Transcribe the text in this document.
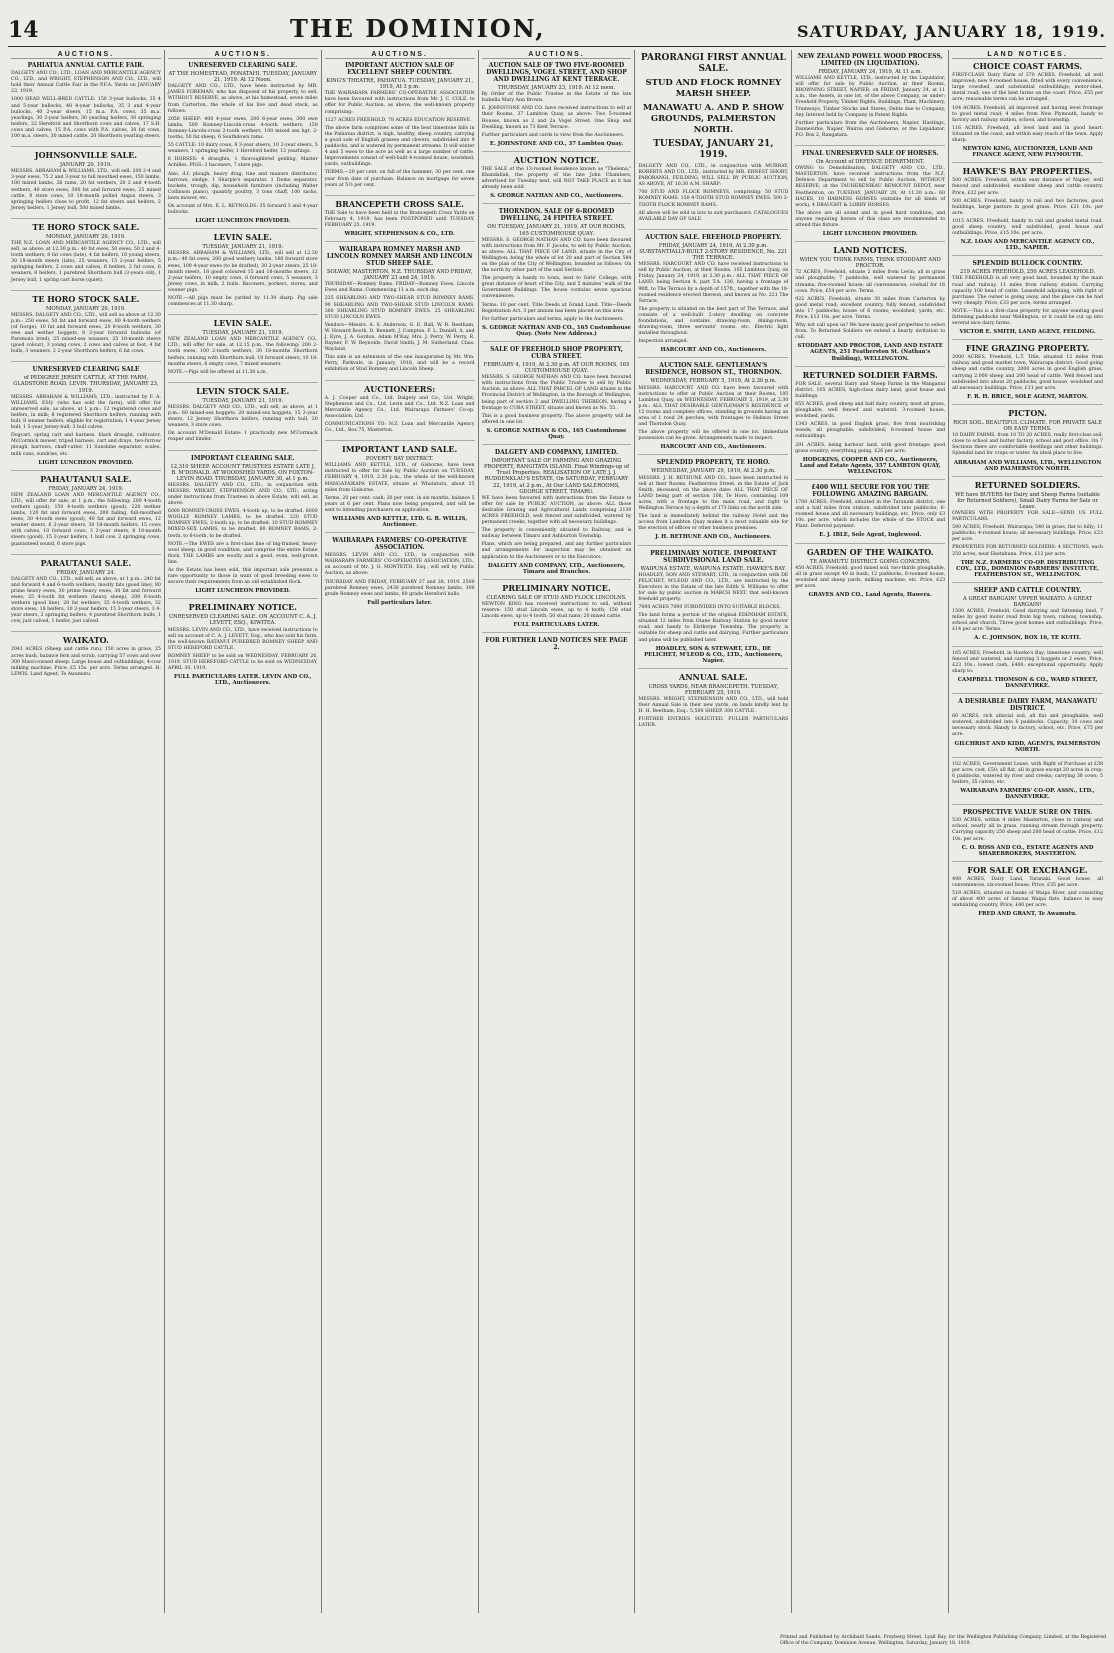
14	THE DOMINION,	SATURDAY, JANUARY 18, 1919.
AUCTIONS.
PAHIATUA ANNUAL CATTLE FAIR.

DALGETY AND CO., LTD., LOAN AND MERCANTILE AGENCY CO., LTD., and WRIGHT, STEPHENSON AND CO., LTD., will hold their Annual Cattle Fair in the P.F.A. Yards on JANUARY 23, 1919.

1000 HEAD WELL-BRED CATTLE: 150 3-year bullocks, 35 4 and 5-year bullocks, 48 4-year bullocks, 35 3 and 4-year bullocks, 40 2-year steers, 15 m.a. P.A. cows, 35 m.a. yearlings, 30 2-year heifers, 30 yearling heifers, 30 springing heifers, 22 Hereford and Shorthorn cows and calves, 17 S.H. cows and calves, 15 P.A. cows with P.A. calves, 30 fat cows, 100 m.a. steers, 30 mixed cattle, 20 Shorthorn yearling steers.

JOHNSONVILLE SALE.
JANUARY 20, 1919.

MESSRS. ABRAHAM & WILLIAMS, LTD., will sell: 200 2-4 and 3-year ewes, 75 2 and 3-year to full mouthed ewes, 150 lambs, 100 mixed lambs, 26 rams, 20 fat wethers, 20 2 and 4-tooth wethers, 40 store ewes, 300 fat and forward ewes, 25 mixed cattle, 8 store cows, 10 18-month polled Angus steers, 3 springing heifers close to profit, 12 fat steers and heifers, 2 Jersey heifers, 1 Jersey bull, 500 mixed lambs.

TE HORO STOCK SALE.
MONDAY, JANUARY 20, 1919.

THE N.Z. LOAN AND MERCANTILE AGENCY CO., LTD., will sell, as above, at 12.30 p.m.: 40 fat ewes, 50 ewes, 50 2 and 4-tooth wethers, 8 fat cows (late), 4 fat heifers, 18 young steers, 30 18-month steers (late), 25 weaners, 15 2-year heifers, 5 springing heifers, 2 cows and calves, 6 heifers, 2 fat cows, 6 weaners, 8 heifers, 1 purebred Shorthorn bull (3-years old), 1 Jersey bull, 1 spring cart horse (quiet).

TE HORO STOCK SALE.
MONDAY, JANUARY 20, 1919.

MESSRS. DALGETY AND CO., LTD., will sell as above at 12.30 p.m.: 250 ewes, 50 fat and forward ewes, 80 4-tooth wethers (of Gorge), 10 fat and forward ewes, 20 8-tooth wethers, 30 ewe and wether hoggets, 8 2-year forward bullocks (of Paremata bred), 25 mixed-sex weaners, 25 18-month steers (good colour), 3 young cows, 2 cows and calves at foot, 4 fat bulls, 3 weaners, 2 2-year Shorthorn heifers, 6 fat cows.

UNRESERVED CLEARING SALE
of PEDIGREE JERSEY CATTLE, AT THE FARM, GLADSTONE ROAD, LEVIN. THURSDAY, JANUARY 23, 1919.

MESSRS. ABRAHAM & WILLIAMS, LTD., instructed by F. A. WILLIAMS, ESQ. (who has sold the farm), will offer for unreserved sale, as above, at 1 p.m.: 12 registered cows and heifers, in milk; 8 registered Shorthorn heifers, running with bull; 8 weaner heifers, eligible for registration; 1 4-year Jersey bull; 1 5-year Jersey-bull; 3 bull calves.

Dogcart, spring cart and harness, black draught, cultivator, McCormick mower, tripod harness, cart and drays, two-furrow plough, harrows, chaff-cutter, 11 Sunshine separator, scales, milk cans, sundries, etc.

LIGHT LUNCHEON PROVIDED.
PAHAUTANUI SALE.
FRIDAY, JANUARY 24, 1919.

NEW ZEALAND LOAN AND MERCANTILE AGENCY CO., LTD., will offer for sale, at 1 p.m., the following: 200 4-tooth wethers (good), 150 4-tooth wethers (good), 220 wether lambs, 120 fat and forward ewes, 200 failing, full-mouthed ewes, 30 4-tooth ewes (good), 40 fat and forward ewes, 12 weaner steers, 6 2-year steers, 30 18-month heifers, 15 cows with calves, 10 forward cows, 3 2-year steers, 8 18-month steers (good), 15 2-year heifers, 1 bull cow, 2 springing cows, guaranteed sound, 6 store pigs.

PARAUTANUI SALE.
FRIDAY, JANUARY 24.

DALGETY AND CO., LTD., will sell, as above, at 1 p.m.: 240 fat and forward 4 and 6-tooth wethers, mostly fats (good line), 80 prime heavy ewes, 30 prime heavy ewes, 30 fat and forward ewes, 25 4-tooth fat wethers (heavy sheep), 200 6-tooth wethers (good line), 20 fat wethers, 35 4-tooth wethers, 32 store ewes, 18 heifers, 10 2-year heifers, 15 3-year steers, 3 4-year steers, 2 springing heifers, 4 purebred Shorthorn bulls, 1 cow, just calved, 1 heifer, just calved.

WAIKATO.

2041 ACRES (Sheep and cattle run), 150 acres in grass, 25 acres bush, balance fern and scrub, carrying 57 cows and over 300 Maori-owned sheep. Large house and outbuildings, 4-cow milking machine. Price, £5 15s. per acre. Terms arranged. H. LEWIS, Land Agent, Te Awamutu.

AUCTIONS.
UNRESERVED CLEARING SALE.
AT THE HOMESTEAD, PONATAHI. TUESDAY, JANUARY 21, 1919. At 12 Noon.

DALGETY AND CO., LTD., have been instructed by MR. JAMES FOREMAN, who has disposed of his property, to sell, WITHOUT RESERVE, as above, at his homestead, seven miles from Carterton, the whole of his live and dead stock, as follows:

2056 SHEEP: 400 4-year ewes, 200 6-year ewes, 300 ewe lambs, 500 Romney-Lincoln-cross 4-tooth wethers, 150 Romney-Lincoln-cross 2-tooth wethers, 100 mixed sex hgt. 2-tooths, 50 fat sheep, 6 Southdown rams.

55 CATTLE: 10 dairy cows, 8 3-year steers, 10 2-year steers, 5 weaners, 1 springing heifer, 1 Hereford heifer, 12 yearlings.

6 HORSES: 4 draughts, 1 thoroughbred gelding, Master Achilles. PIGS: 2 baconers, 7 store pigs.

Also, d.f. plough, heavy drag, tine and manure distributor, harrows, sledge, 1 Sharple's separator, 1 Domo separator, buckets, trough, dip, household furniture (including Walter Collinson piano), quantity poultry, 3 tons chaff, 100 sacks, lawn mower, etc.

On account of Mrs. E. L. REYNOLDS: 35 forward 3 and 4-year bullocks.

LIGHT LUNCHEON PROVIDED.
LEVIN SALE.
TUESDAY, JANUARY 21, 1919.

MESSRS. ABRAHAM & WILLIAMS, LTD., will sell at 12.30 p.m.: 40 fat ewes, 200 good wethery lambs, 160 forward store ewes, 100 4-year ewes (to be drafted), 30 2-year steers, 25 18-month steers, 18 good coloured 15 and 18-months steers, 12 2-year heifers, 10 empty cows, 8 forward cows, 5 weaners, 3 Jersey cows, in milk, 2 bulls. Baconers, porkers, stores, and weaner pigs.

NOTE.—All pigs must be yarded by 11.30 sharp. Pig sale commences at 11.30 sharp.

LEVIN SALE.
TUESDAY, JANUARY 21, 1919.

NEW ZEALAND LOAN AND MERCANTILE AGENCY CO., LTD., will offer for sale, at 12.15 p.m., the following: 200 2-tooth ewes, 100 2-tooth wethers, 30 18-months Shorthorn heifers, running with Shorthorn bull, 10 forward steers, 10 18-months steers, 6 empty cows, 7 mixed weaners.

NOTE.—Pigs will be offered at 11.30 a.m.

LEVIN STOCK SALE.
TUESDAY, JANUARY 21, 1919.

MESSRS. DALGETY AND CO., LTD., will sell, as above, at 1 p.m.: 60 mixed-sex hoggets, 20 mixed-sex hoggets, 15 3-year steers, 12 Jersey Shorthorn heifers, running with bull, 20 weaners, 3 store cows.

On account M'Donald Estate: 1 practically new M'Cormack reaper and binder.

IMPORTANT CLEARING SALE.
12,310 SHEEP. ACCOUNT TRUSTEES ESTATE LATE J. B. M'DONALD. AT WOODSHED YARDS, ON FOXTON-LEVIN ROAD. THURSDAY, JANUARY 30, at 1 p.m.

MESSRS. DALGETY AND CO., LTD., in conjunction with MESSRS. WRIGHT, STEPHENSON AND CO., LTD., acting under instructions from Trustees in above Estate, will sell, as above:

6000 ROMNEY-CROSS EWES, 4-tooth up, to be drafted. 6000 WOOLLY ROMNEY LAMBS, to be drafted. 220 STUD ROMNEY EWES, 2-tooth up, to be drafted. 10 STUD ROMNEY MIXED-SEX LAMBS, to be drafted. 80 ROMNEY RAMS, 2-tooth, to 6-tooth, to be drafted.

NOTE.—The EWES are a first-class line of big-framed, heavy-wool sheep, in good condition, and comprise the entire Estate flock. THE LAMBS are woolly and a good, even, well-grown line.

As the Estate has been sold, this important sale presents a rare opportunity to those in want of good breeding ewes to secure their requirements from an old established flock.

LIGHT LUNCHEON PROVIDED.
PRELIMINARY NOTICE.
UNRESERVED CLEARING SALE. ON ACCOUNT C. A. J. LEVETT, ESQ., KIWITEA.

MESSRS. LEVIN AND CO., LTD., have received instructions to sell on account of C. A. J. LEVETT, Esq., who has sold his farm, the well-known RATANUI PUREBRED ROMNEY SHEEP AND STUD HEREFORD CATTLE.

ROMNEY SHEEP to be sold on WEDNESDAY, FEBRUARY 26, 1919. STUD HEREFORD CATTLE to be sold on WEDNESDAY, APRIL 30, 1919.

FULL PARTICULARS LATER. LEVIN AND CO., LTD., Auctioneers.
AUCTIONS.
IMPORTANT AUCTION SALE OF EXCELLENT SHEEP COUNTRY.
KING'S THEATRE, PAHIATUA. TUESDAY, JANUARY 21, 1919, At 3 p.m.

THE WAIRARAPA FARMERS' CO-OPERATIVE ASSOCIATION have been favoured with instructions from Mr. J. C. COLE, to offer for Public Auction, as above, the well-known property comprising:

1127 ACRES FREEHOLD. 78 ACRES EDUCATION RESERVE.

The above farm comprises some of the best limestone hills in the Pahiatua district, is high, healthy, sheep country, carrying a good sole of English grasses and clovers, subdivided into 9 paddocks, and is watered by permanent streams. It will winter 4 and 5 ewes to the acre as well as a large number of cattle. Improvements consist of well-built 4-roomed house, woolshed, yards, outbuildings.

TERMS.—20 per cent. on fall of the hammer; 30 per cent. one year from date of purchase. Balance on mortgage for seven years at 5½ per cent.

BRANCEPETH CROSS SALE.

THE Sale to have been held in the Brancepeth Cross Yards on February 4, 1919, has been POSTPONED until TUESDAY, FEBRUARY 25, 1919.

WRIGHT, STEPHENSON & CO., LTD.
WAIRARAPA ROMNEY MARSH AND LINCOLN ROMNEY MARSH AND LINCOLN STUD SHEEP SALE.
SOLWAY, MASTERTON, N.Z. THURSDAY AND FRIDAY, JANUARY 23 and 24, 1919.

THURSDAY—Romney Rams. FRIDAY—Romney Ewes, Lincoln Ewes and Rams. Commencing 11 a.m. each day.

235 SHEARLING AND TWO-SHEAR STUD ROMNEY RAMS. 90 SHEARLING AND TWO-SHEAR STUD LINCOLN RAMS. 300 SHEARLING STUD ROMNEY EWES. 25 SHEARLING STUD LINCOLN EWES.

Vendors—Messrs. A. S. Anderson, G. E. Ball, W. R. Beetham, W. Howard Booth, D. Bennett, J. Compton, F. L. Daniell, A. and J. Eyre, J. A. Gordon, Adam M'Kay, Mrs. J. Perry, W. Perry, R. Rayner, F. W. Reynolds, David Smith, J. M. Sutherland, Chas. Wayland.

This sale is an extension of the one inaugurated by Mr. Wm. Perry, Parkvale, in January, 1918, and will be a record exhibition of Stud Romney and Lincoln Sheep.

AUCTIONEERS:

A. J. Cooper and Co., Ltd. Dalgety and Co., Ltd. Wright, Stephenson and Co., Ltd. Levin and Co., Ltd. N.Z. Loan and Mercantile Agency Co., Ltd. Wairarapa Farmers' Co-op. Association, Ltd.

COMMUNICATIONS TO: N.Z. Loan and Mercantile Agency Co., Ltd., Box 75, Masterton.

IMPORTANT LAND SALE.
POVERTY BAY DISTRICT.

WILLIAMS AND KETTLE, LTD., of Gisborne, have been instructed to offer for Sale by Public Auction on TUESDAY, FEBRUARY 4, 1919, 2.30 p.m., the whole of the well-known MANGATAIKAPA ESTATE, situate at Whatatutu, about 25 miles from Gisborne.

Terms, 20 per cent. cash; 20 per cent. in six months, balance 5 years at 6 per cent. Plans now being prepared, and will be sent to intending purchasers on application.

WILLIAMS AND KETTLE, LTD. G. R. WILLIS, Auctioneer.
WAIRARAPA FARMERS' CO-OPERATIVE ASSOCIATION.

MESSRS. LEVIN AND CO., LTD., in conjunction with WAIRARAPA FARMERS' CO-OPERATIVE ASSOCIATION, LTD., on account of Mr. J. G. MONTEITH, Esq., will sell by Public Auction, as above:

THURSDAY AND FRIDAY, FEBRUARY 27 and 28, 1919. 2500 purebred Romney ewes, 2430 purebred Romney lambs, 300 grade Romney ewes and lambs, 80 grade Hereford bulls.

Full particulars later.
AUCTIONS.
AUCTION SALE OF TWO FIVE-ROOMED DWELLINGS, VOGEL STREET, AND SHOP AND DWELLING AT KENT TERRACE.
THURSDAY, JANUARY 23, 1919. At 12 noon.

By Order of the Public Trustee in the Estate of the late Isabella Mary Ann Brown.

E. JOHNSTONE AND CO. have received instructions to sell at their Rooms, 37 Lambton Quay, as above: Two 5-roomed Houses, known as 2 and 2a Vogel Street. One Shop and Dwelling, known as 73 Kent Terrace.

Further particulars and cards to view from the Auctioneers.

E. JOHNSTONE AND CO., 37 Lambton Quay.
AUCTION NOTICE.

THE SALE of the 13-roomed Residence known as "Thelema," Khandallah, the property of the late John Chambers, advertised for Tuesday next, will NOT TAKE PLACE as it has already been sold.

S. GEORGE NATHAN AND CO., Auctioneers.
THORNDON. SALE OF 6-ROOMED DWELLING, 24 FIPITEA STREET.
ON TUESDAY, JANUARY 21, 1919, AT OUR ROOMS, 165 CUSTOMHOUSE QUAY.

MESSRS. S. GEORGE NATHAN AND CO. have been favoured with instructions from Mr. F. Jacobs, to sell by Public Auction, as above: ALL THAT PIECE OF LAND, situate in the City of Wellington, being the whole of lot 20 and part of Section 584 on the plan of the City of Wellington, bounded as follows: On the north by other part of the said Section.

The property is handy to town, next to Girls' College, with great distance of heart of the City, and 5 minutes' walk of the Government Buildings. The house contains seven spacious conveniences.

Terms: 10 per cent. Title Deeds at Grand Land. Title—Deeds Registration Act. 3 per annum has been placed on this area.

For further particulars and terms, apply to the Auctioneers.

S. GEORGE NATHAN AND CO., 165 Customhouse Quay. (Note New Address.)
SALE OF FREEHOLD SHOP PROPERTY, CUBA STREET.
FEBRUARY 4, 1919, At 2.30 p.m. AT OUR ROOMS, 165 CUSTOMHOUSE QUAY.

MESSRS. S. GEORGE NATHAN AND CO. have been favoured with instructions from the Public Trustee to sell by Public Auction, as above: ALL THAT PARCEL OF LAND situate in the Provincial District of Wellington, in the Borough of Wellington, being part of section 2 and DWELLING THEREON, having a frontage to CUBA STREET, situate and known as No. 55.

This is a good business property. The above property will be offered in one lot.

S. GEORGE NATHAN & CO., 165 Customhouse Quay.
DALGETY AND COMPANY, LIMITED.
IMPORTANT SALE OF FARMING AND GRAZING PROPERTY, RANGITATA ISLAND. Final Windings-up of Trust Properties. REALISATION OF LATE J. J. RUDDENKLAU'S ESTATE, On SATURDAY, FEBRUARY 22, 1919, at 2 p.m., At Our LAND SALEROOMS, GEORGE STREET, TIMARU.

WE have been favoured with instructions from the Estate to offer for sale by PUBLIC AUCTION, as above: ALL those desirable Grazing and Agricultural Lands comprising 2130 ACRES FREEHOLD, well fenced and subdivided, watered by permanent creeks, together with all necessary buildings.

The property is conveniently situated to Railway, and is midway between Timaru and Ashburton Township.

Plans, which are being prepared, and any further particulars and arrangements for inspection may be obtained on application to the Auctioneers or to the Executors.

DALGETY AND COMPANY, LTD., Auctioneers, Timaru and Branches.
PRELIMINARY NOTICE.
CLEARING SALE OF STUD AND FLOCK LINCOLNS.

NEWTON KING has received instructions to sell, without reserve: 150 stud Lincoln ewes, up to 4 tooth; 150 stud Lincoln ewes, up to 4 tooth; 50 stud rams; 20 mixed cattle.

FULL PARTICULARS LATER.
FOR FURTHER LAND NOTICES SEE PAGE 2.
PARORANGI FIRST ANNUAL SALE.
STUD AND FLOCK ROMNEY MARSH SHEEP.
MANAWATU A. AND P. SHOW GROUNDS, PALMERSTON NORTH.
TUESDAY, JANUARY 21, 1919.

DALGETY AND CO., LTD., in conjunction with MURRAY, ROBERTS AND CO., LTD., instructed by MR. ERNEST SHORT, PARORANGI, FEILDING, WILL SELL BY PUBLIC AUCTION, AS ABOVE, AT 10.30 A.M. SHARP:

700 STUD AND FLOCK ROMNEYS, comprising: 50 STUD ROMNEY RAMS. 150 4-TOOTH STUD ROMNEY EWES. 500 2-TOOTH FLOCK ROMNEY RAMS.

All above will be sold in lots to suit purchasers. CATALOGUES AVAILABLE DAY OF SALE.

AUCTION SALE. FREEHOLD PROPERTY.
FRIDAY, JANUARY 24, 1919, At 2.30 p.m. SUBSTANTIALLY-BUILT 2-STORY RESIDENCE, No. 221 THE TERRACE.

MESSRS. HARCOURT AND CO. have received instructions to sell by Public Auction, at their Rooms, 105 Lambton Quay, on Friday, January 24, 1919, at 2.30 p.m.: ALL THAT PIECE OF LAND, being Section 4, part T.A. 126, having a frontage of 90ft. to The Terrace by a depth of 157ft., together with the 10-roomed residence erected thereon, and known as No. 221 The Terrace.

The property is situated on the best part of The Terrace, and consists of a well-built 2-story dwelling on concrete foundations, and contains drawing-room, dining-room, drawing-room, three servants' rooms, etc. Electric light installed throughout.

Inspection arranged.

HARCOURT AND CO., Auctioneers.
AUCTION SALE. GENTLEMAN'S RESIDENCE, HOBSON ST., THORNDON.
WEDNESDAY, FEBRUARY 5, 1919, At 2.30 p.m.

MESSRS. HARCOURT AND CO. have been favoured with instructions to offer at Public Auction at their Rooms, 105 Lambton Quay, on WEDNESDAY, FEBRUARY 5, 1919, at 2.30 p.m.: ALL THAT DESIRABLE GENTLEMAN'S RESIDENCE of 12 rooms and complete offices, standing in grounds having an area of 1 rood 24 perches, with frontages to Hobson Street and Thorndon Quay.

The above property will be offered in one lot. Immediate possession can be given. Arrangements made to inspect.

HARCOURT AND CO., Auctioneers.
SPLENDID PROPERTY, TE HORO.
WEDNESDAY, JANUARY 29, 1919, At 2.30 p.m.

MESSRS. J. H. BETHUNE AND CO., have been instructed to sell at their Rooms, Featherston Street, in the Estate of Jack Smith, deceased, on the above date: ALL THAT PIECE OF LAND being part of section 108, Te Horo, containing 109 acres, with a frontage to the main road, and right to Wellington Terrace by a depth of 173 links on the north side.

The land is immediately behind the railway Hotel and the access from Lambton Quay makes it a most valuable site for the erection of offices or other business premises.

J. H. BETHUNE AND CO., Auctioneers.
PRELIMINARY NOTICE. IMPORTANT SUBDIVISIONAL LAND SALE.
WAIPUNA ESTATE, WAIPUNA ESTATE, HAWKE'S BAY.

HOADLEY, SON AND STEWART, LTD., in conjunction with DE PELICHET, M'LEOD AND CO., LTD., are instructed by the Executors in the Estate of the late Edith S. Williams to offer for sale by public auction in MARCH NEXT, that well-known freehold property.

7000 ACRES 7000 SUBDIVIDED INTO SUITABLE BLOCKS.

The land forms a portion of the original EDENHAM ESTATE, situated 12 miles from Otane Railway Station by good motor road, and handy to Elsthorpe Township. The property is suitable for sheep and cattle and dairying. Further particulars and plans will be published later.

HOADLEY, SON & STEWART, LTD., DE PELICHET, M'LEOD & CO., LTD., Auctioneers, Napier.
ANNUAL SALE.
CROSS YARDS, NEAR BRANCEPETH. TUESDAY, FEBRUARY 25, 1919.

MESSRS. WRIGHT, STEPHENSON AND CO., LTD., will hold their Annual Sale in their new yards, on lands kindly lent by H. H. Beetham, Esq.: 5,500 SHEEP. 300 CATTLE.

FURTHER ENTRIES SOLICITED. FULLER PARTICULARS LATER.

NEW ZEALAND POWELL WOOD PROCESS, LIMITED (IN LIQUIDATION).
FRIDAY, JANUARY 24, 1919, At 11 a.m.

WILLIAMS AND KETTLE, LTD., instructed by the Liquidator, will offer for sale by Public Auction, at their Rooms, BROWNING STREET, NAPIER, on FRIDAY, January 24, at 11 a.m., the Assets, in one lot, of the above Company, as under: Freehold Property, Timber Rights, Buildings, Plant, Machinery, Tramways, Timber Stocks and Stores, Debts due to Company, Any Interest held by Company in Patent Rights.

Further particulars from the Auctioneers, Napier, Hastings, Dannevirke, Napier, Wairoa and Gisborne, or the Liquidator, P.O. Box 2, Rangatara.

FINAL UNRESERVED SALE OF HORSES.
On Account of DEFENCE DEPARTMENT.

OWING to Demobilisation, DALGETY AND CO., LTD., MASTERTON, have received instructions from the N.Z. Defence Department to sell by Public Auction, WITHOUT RESERVE, at the TAUHERENIKAU REMOUNT DEPOT, near Featherston, on TUESDAY, JANUARY 28, At 11.30 a.m.: 60 HACKS, 10 HARNESS HORSES (suitable for all kinds of work), 4 DRAUGHT & LORRY HORSES.

The above are all sound and in good hard condition, and anyone requiring horses of this class are recommended to attend this fixture.

LIGHT LUNCHEON PROVIDED.
LAND NOTICES.
WHEN YOU THINK FARMS, THINK STODDART AND PROCTOR.

72 ACRES, Freehold, situate 2 miles from Levin; all in grass and ploughable; 7 paddocks, well watered by permanent streams; five-roomed house; all conveniences; cowbail for 16 cows. Price, £54 per acre. Terms.

922 ACRES, Freehold, situate 30 miles from Carterton by good metal road; excellent country, fully fenced, subdivided into 17 paddocks; house of 6 rooms; woolshed, yards, etc. Price, £13 10s. per acre. Terms.

Why not call upon us? We have many good properties to select from. To Returned Soldiers we extend a hearty invitation to call.

STODDART AND PROCTOR, LAND AND ESTATE AGENTS, 251 Featherston St. (Nathan's Building), WELLINGTON.
RETURNED SOLDIER FARMS.

FOR SALE, several Dairy and Sheep Farms in the Wanganui district. 105 ACRES, high-class dairy land, good house and buildings.

655 ACRES, good sheep and half dairy country, most all grass, ploughable, well fenced and watered. 3-roomed house, woolshed, yards.

1343 ACRES, in good English grass, five from nourishing weeds; all ploughable, subdivided; 6-roomed house and outbuildings.

291 ACRES, being harbour land, with good frontage; good grass country; everything going, £26 per acre.

HODGKINS, COOPER AND CO., Auctioneers, Land and Estate Agents, 357 LAMBTON QUAY, WELLINGTON.
£400 WILL SECURE FOR YOU THE FOLLOWING AMAZING BARGAIN.

1700 ACRES, Freehold, situated in the Taranaki district, one and a half miles from station, subdivided into paddocks; 6-roomed house and all necessary buildings, etc. Price, only £3 10s. per acre, which includes the whole of the STOCK and Plant. Deferred payment.

E. J. IBLE, Sole Agent, Inglewood.
GARDEN OF THE WAIKATO.
TE AWAMUTU DISTRICT. GOING CONCERN.

450 ACRES, Freehold, good mixed soil, two-thirds ploughable, all in grass except 40 in bush; 12 paddocks, 6-roomed house, woolshed and sheep yards, milking machine, etc. Price, £23 per acre.

GRAVES AND CO., Land Agents, Hawera.
LAND NOTICES.
CHOICE COAST FARMS.

FIRST-CLASS Dairy Farm of 370 ACRES, Freehold, all well improved; new 9-roomed house, fitted with every convenience, large cowshed, and substantial outbuildings; motor-shed, metal road; one of the best farms on the coast. Price, £55 per acre; reasonable terms can be arranged.

104 ACRES, Freehold, all improved and having level frontage to good metal road; 4 miles from New Plymouth, handy to factory and railway station, school, and township.

116 ACRES, Freehold, all level land and in good heart. Situated on the coast, and within easy reach of the town. Apply sharp.

NEWTON KING, AUCTIONEER, LAND AND FINANCE AGENT, NEW PLYMOUTH.
HAWKE'S BAY PROPERTIES.

500 ACRES, Freehold, within easy distance of Napier, well fenced and subdivided; excellent sheep and cattle country. Price, £22 per acre.

500 ACRES, Freehold, handy to rail and two factories, good buildings, large pasture in good grass. Price, £21 10s. per acre.

1015 ACRES, Freehold, handy to rail and graded metal road, good sheep country, well subdivided, good house and outbuildings. Price, £15 10s. per acre.

N.Z. LOAN AND MERCANTILE AGENCY CO., LTD., NAPIER.
SPLENDID BULLOCK COUNTRY.
219 ACRES FREEHOLD, 250 ACRES LEASEHOLD.

THE FREEHOLD is all very good land, bounded by the main road and railway, 11 miles from railway station. Carrying capacity 100 head of cattle. Leasehold adjoining, with right of purchase. The owner is going away, and the place can be had very cheaply. Price, £33 per acre, terms arranged.

NOTE.—This is a first-class property for anyone wanting good fattening paddocks near Wellington, or it could be cut up into several nice dairy farms.

VICTOR E. SMITH, LAND AGENT, FEILDING.
FINE GRAZING PROPERTY.

2000 ACRES, Freehold, L.T. Title, situated 12 miles from railway and good market town, Wairarapa district. Good going sheep and cattle country, 2000 acres in good English grass, carrying 2,000 sheep and 200 head of cattle. Well fenced and subdivided into about 20 paddocks, good house, woolshed and all necessary buildings. Price, £11 per acre.

F. R. H. BRICE, SOLE AGENT, MARTON.
PICTON.
RICH SOIL. BEAUTIFUL CLIMATE. FOR PRIVATE SALE ON EASY TERMS.

18 DAIRY FARMS, from 10 TO 20 ACRES, really first-class soil; close to school and butter factory, school and post office. On 7 Sections there are comfortable dwellings and other buildings. Splendid land for crops or water. An ideal place to live.

ABRAHAM AND WILLIAMS, LTD., WELLINGTON AND PALMERSTON NORTH.
RETURNED SOLDIERS.
WE have BUYERS for Dairy and Sheep Farms (suitable for Returned Soldiers), Small Dairy Farms for Sale or Lease.

OWNERS WITH PROPERTY FOR SALE—SEND US FULL PARTICULARS.

590 ACRES, Freehold, Wairarapa; 540 in grass, flat to hilly; 11 paddocks; 4-roomed house; all necessary buildings. Price, £23 per acre.

PROPERTIES FOR RETURNED SOLDIERS: 4 SECTIONS, each 250 acres, near Eketahuna. Price, £12 per acre.

THE N.Z. FARMERS' CO-OP. DISTRIBUTING COY., LTD., DOMINION FARMERS' INSTITUTE, FEATHERSTON ST., WELLINGTON.
SHEEP AND CATTLE COUNTRY.
A GREAT BARGAIN! UPPER WAIKATO. A GREAT BARGAIN!

1500 ACRES, Freehold, Good dairying and fattening land, 7 miles by good motor road from big town, railway, township, school and church. Three good homes and outbuildings. Price, £14 per acre. Terms.

A. C. JOHNSON, BOX 16, TE KUITI.

165 ACRES, Freehold, in Hawke's Bay; limestone country; well fenced and watered, and carrying 3 hoggets or 2 ewes. Price, £23 10s.; lowest cash, £400; exceptional opportunity. Apply sharp to:

CAMPBELL THOMSON & CO., WARD STREET, DANNEVIRKE.
A DESIRABLE DAIRY FARM, MANAWATU DISTRICT.

60 ACRES, rich alluvial soil, all flat and ploughable, well watered, subdivided into 6 paddocks. Capacity, 30 cows and necessary stock. Handy to factory, school, etc. Price, £75 per acre.

GILCHRIST AND KIDD, AGENTS, PALMERSTON NORTH.

102 ACRES, Government Lease, with Right of Purchase at £38 per acre; cost, £50; all flat, all in grass except 20 acres in crop; 6 paddocks, watered by river and creeks; carrying 38 cows; 5 heifers, 35 calves, etc.

WAIRARAPA FARMERS' CO-OP. ASSN., LTD., DANNEVIRKE.
PROSPECTIVE VALUE SURE ON THIS.

530 ACRES, within 4 miles Masterton, close to railway and school, nearly all in grass, running stream through property. Carrying capacity 250 sheep and 200 head of cattle. Price, £12 10s. per acre.

C. O. ROSS AND CO., ESTATE AGENTS AND SHAREBROKERS, MASTERTON.
FOR SALE OR EXCHANGE.

498 ACRES, Dairy Land, Taranaki. Good house, all conveniences, six-roomed house. Price, £35 per acre.

518 ACRES, situated on banks of Waipa River, and consisting of about 400 acres of famous Waipa flats, balance in easy undulating country. Price, £40 per acre.

FRED AND GRANT, Te Awamutu.
Printed and Published by Archibald Sando, Freyberg Street, Lyall Bay, for the Wellington Publishing Company, Limited, at the Registered Office of the Company, Dominion Avenue, Wellington, Saturday, January 18, 1919.
